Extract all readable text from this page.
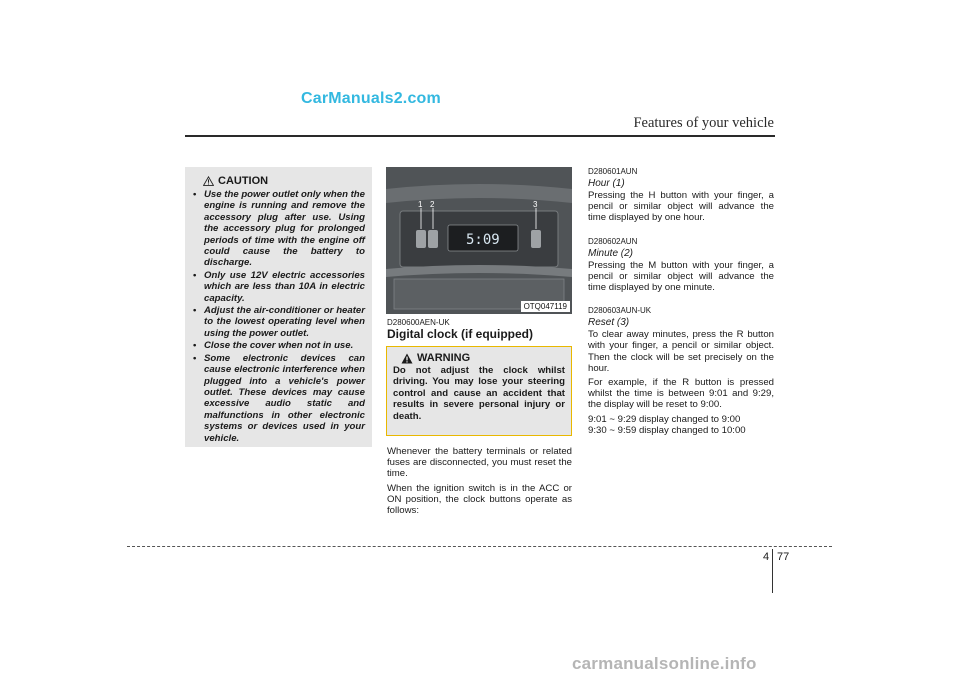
CarManuals2.com
Features of your vehicle
CAUTION
• Use the power outlet only when the engine is running and remove the accessory plug after use. Using the accessory plug for prolonged periods of time with the engine off could cause the battery to discharge.
• Only use 12V electric accessories which are less than 10A in electric capacity.
• Adjust the air-conditioner or heater to the lowest operating level when using the power outlet.
• Close the cover when not in use.
• Some electronic devices can cause electronic interference when plugged into a vehicle's power outlet. These devices may cause excessive audio static and malfunctions in other electronic systems or devices used in your vehicle.
1 2	3
5:09
OTQ047119
D280600AEN-UK
Digital clock (if equipped)
WARNING
Do not adjust the clock whilst driving. You may lose your steering control and cause an accident that results in severe personal injury or death.

Whenever the battery terminals or related fuses are disconnected, you must reset the time.

When the ignition switch is in the ACC or ON position, the clock buttons operate as follows:

D280601AUN

Hour (1)

Pressing the H button with your finger, a pencil or similar object will advance the time displayed by one hour.

D280602AUN

Minute (2)

Pressing the M button with your finger, a pencil or similar object will advance the time displayed by one minute.

D280603AUN-UK

Reset (3)

To clear away minutes, press the R button with your finger, a pencil or similar object. Then the clock will be set precisely on the hour.

For example, if the R button is pressed whilst the time is between 9:01 and 9:29, the display will be reset to 9:00.

9:01 ~ 9:29 display changed to 9:00

9:30 ~ 9:59 display changed to 10:00

4 77
carmanualsonline.info
